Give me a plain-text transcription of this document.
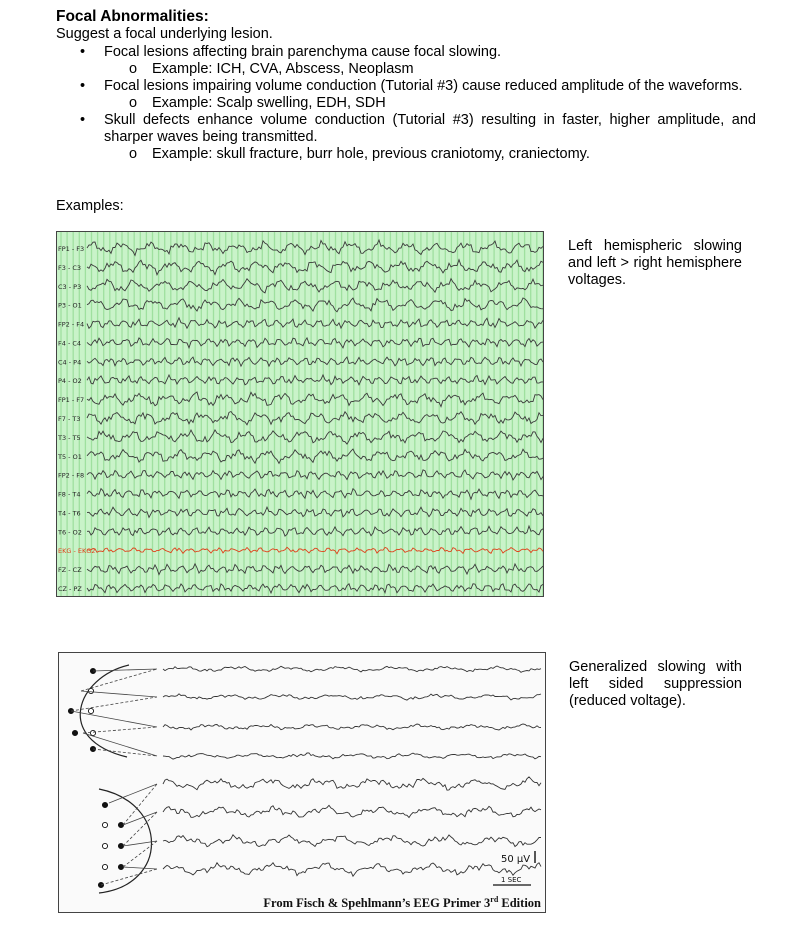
Focal Abnormalities:
Suggest a focal underlying lesion.
• Focal lesions affecting brain parenchyma cause focal slowing.
o Example: ICH, CVA, Abscess, Neoplasm
• Focal lesions impairing volume conduction (Tutorial #3) cause reduced amplitude of the waveforms.
o Example: Scalp swelling, EDH, SDH
• Skull defects enhance volume conduction (Tutorial #3) resulting in faster, higher amplitude, and sharper waves being transmitted.
o Example: skull fracture, burr hole, previous craniotomy, craniectomy.
Examples:
FP1 - F3
F3 - C3
C3 - P3
P3 - O1
FP2 - F4
F4 - C4
C4 - P4
P4 - O2
FP1 - F7
F7 - T3
T3 - T5
T5 - O1
FP2 - F8
F8 - T4
T4 - T6
T6 - O2
EKG - EKG2
FZ - CZ
CZ - PZ
Left hemispheric slowing and left > right hemisphere voltages.
50 μV
1 SEC
From Fisch & Spehlmann’s EEG Primer 3rd Edition
Generalized slowing with left sided suppression (reduced voltage).
